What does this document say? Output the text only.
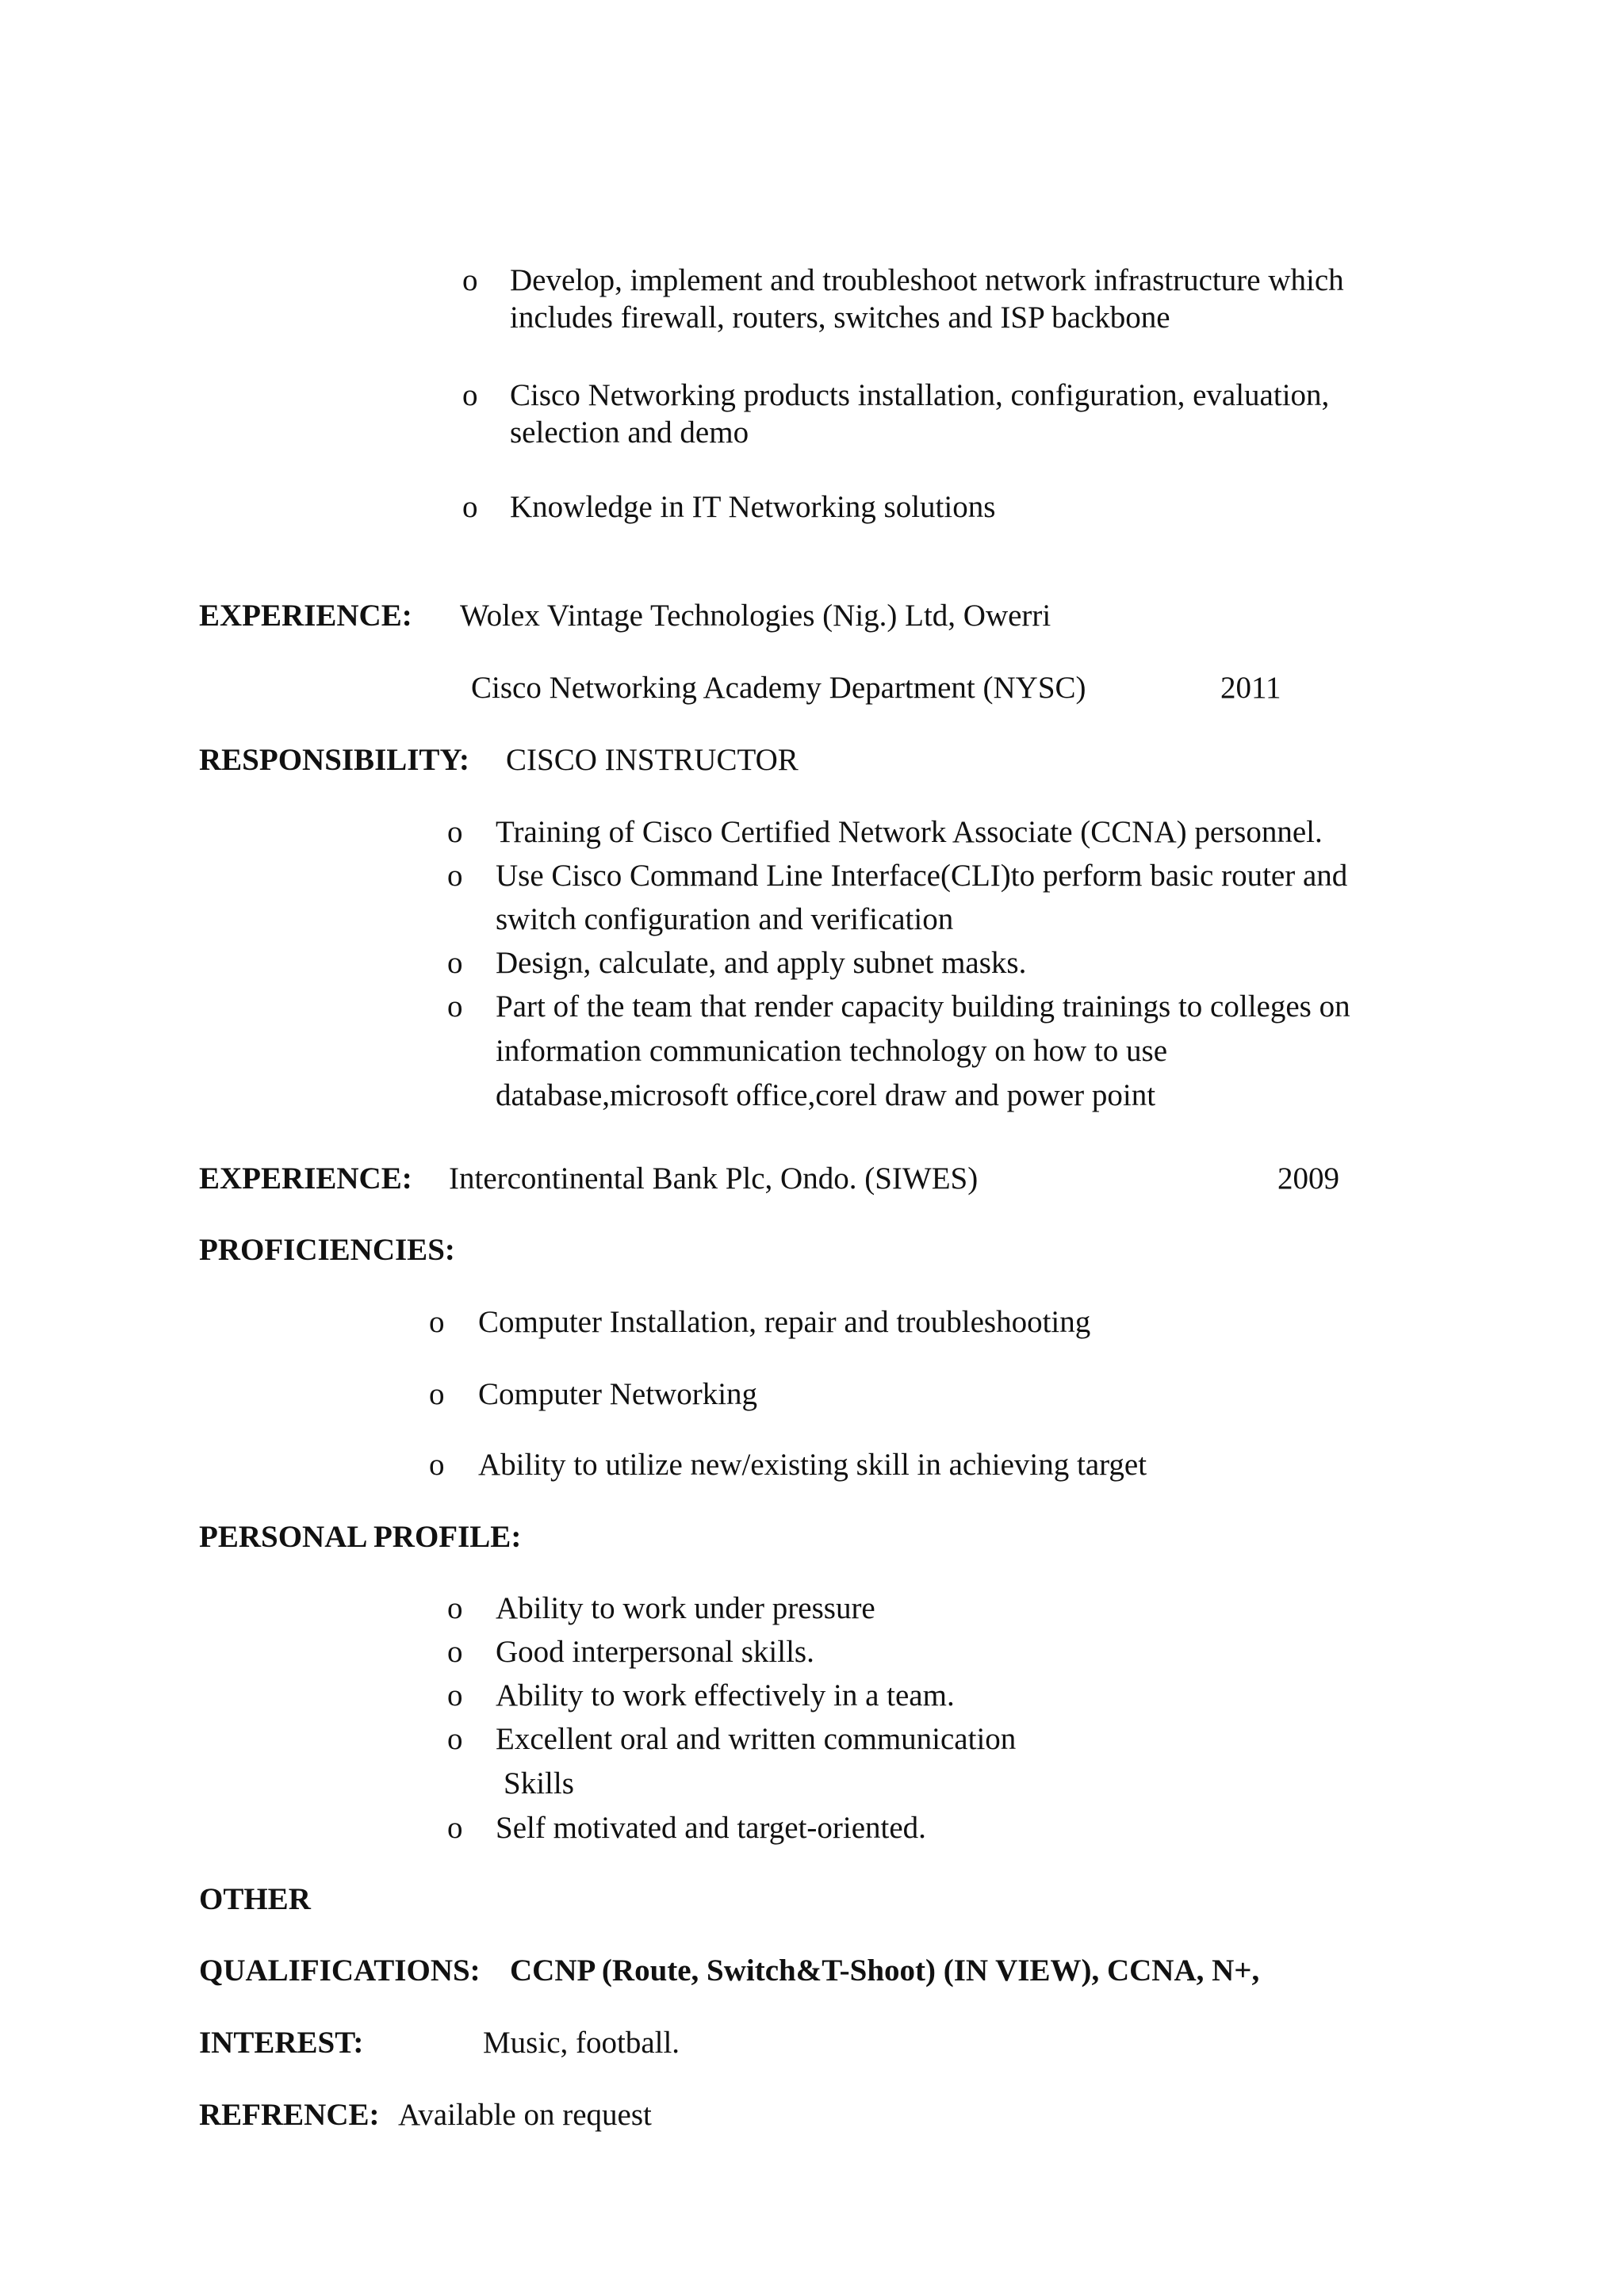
o Develop, implement and troubleshoot network infrastructure which
includes firewall, routers, switches and ISP backbone
o Cisco Networking products installation, configuration, evaluation,
selection and demo
o Knowledge in IT Networking solutions
EXPERIENCE: Wolex Vintage Technologies (Nig.) Ltd, Owerri
Cisco Networking Academy Department (NYSC)	2011
RESPONSIBILITY: CISCO INSTRUCTOR
o Training of Cisco Certified Network Associate (CCNA) personnel.
o Use Cisco Command Line Interface(CLI)to perform basic router and
switch configuration and verification
o Design, calculate, and apply subnet masks.
o Part of the team that render capacity building trainings to colleges on
information communication technology on how to use
database,microsoft office,corel draw and power point
EXPERIENCE: Intercontinental Bank Plc, Ondo. (SIWES)	2009
PROFICIENCIES:
o Computer Installation, repair and troubleshooting
o Computer Networking
o Ability to utilize new/existing skill in achieving target
PERSONAL PROFILE:
o Ability to work under pressure
o Good interpersonal skills.
o Ability to work effectively in a team.
o Excellent oral and written communication
Skills
o Self motivated and target-oriented.
OTHER
QUALIFICATIONS: CCNP (Route, Switch&T-Shoot) (IN VIEW), CCNA, N+,
INTEREST:	Music, football.
REFRENCE: Available on request
